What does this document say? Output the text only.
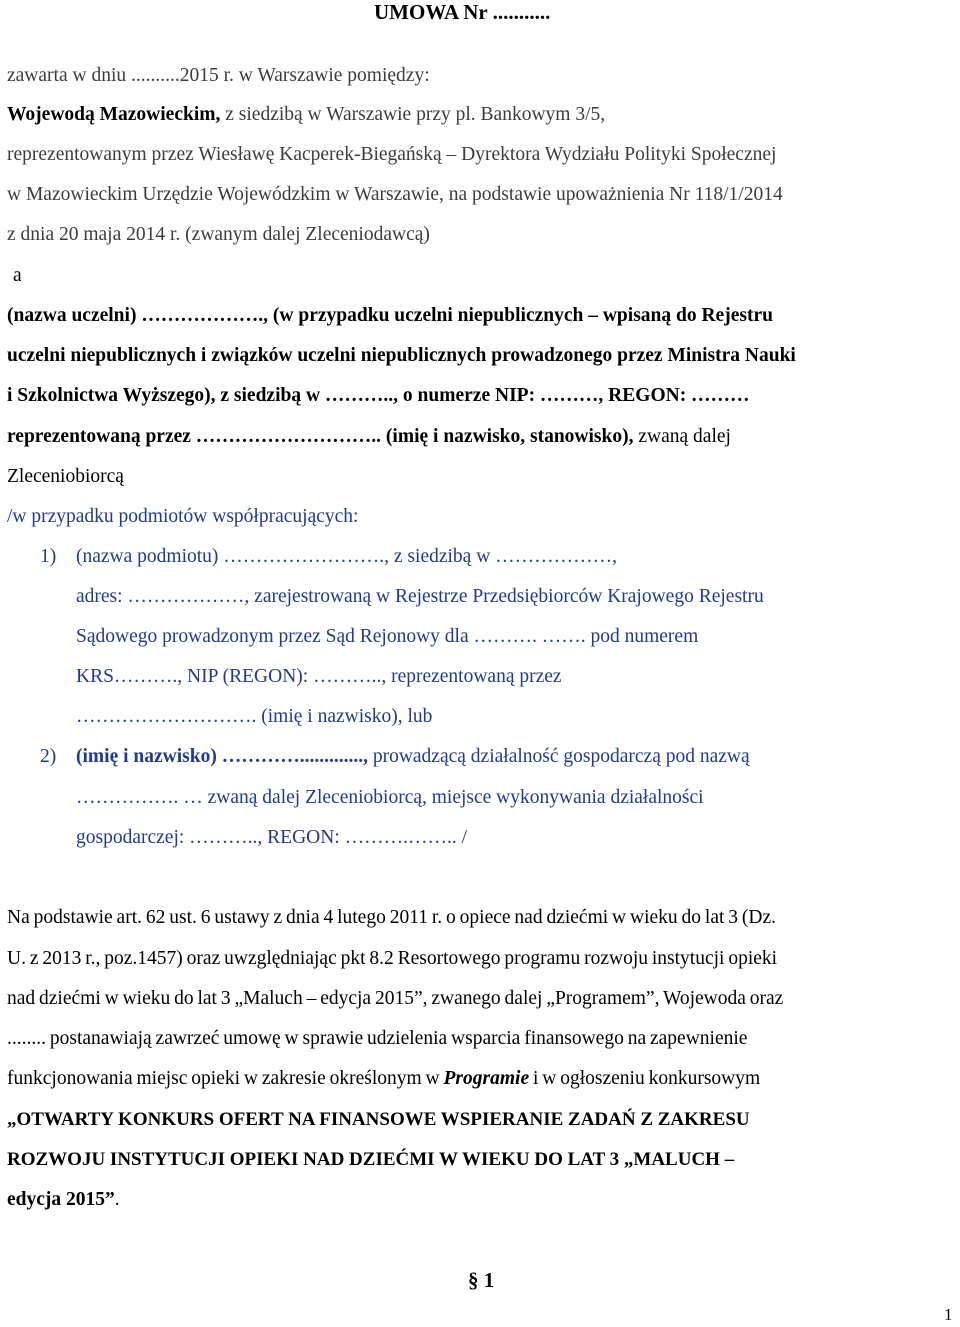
UMOWA Nr ...........
zawarta w dniu ..........2015 r. w Warszawie pomiędzy:
Wojewodą Mazowieckim, z siedzibą w Warszawie przy pl. Bankowym 3/5,
reprezentowanym przez Wiesławę Kacperek-Biegańską – Dyrektora Wydziału Polityki Społecznej
w Mazowieckim Urzędzie Wojewódzkim w Warszawie, na podstawie upoważnienia Nr 118/1/2014
z dnia 20 maja 2014 r. (zwanym dalej Zleceniodawcą)
a
(nazwa uczelni) ………………., (w przypadku uczelni niepublicznych – wpisaną do Rejestru
uczelni niepublicznych i związków uczelni niepublicznych prowadzonego przez Ministra Nauki
i Szkolnictwa Wyższego), z siedzibą w ……….., o numerze NIP: ………, REGON: ………
reprezentowaną przez ……………………….. (imię i nazwisko, stanowisko), zwaną dalej
Zleceniobiorcą
/w przypadku podmiotów współpracujących:
1) (nazwa podmiotu) ……………………., z siedzibą w ………………,
adres: ………………, zarejestrowaną w Rejestrze Przedsiębiorców Krajowego Rejestru
Sądowego prowadzonym przez Sąd Rejonowy dla ………. ……. pod numerem
KRS………., NIP (REGON): ……….., reprezentowaną przez
………………………. (imię i nazwisko), lub
2) (imię i nazwisko) …………............., prowadzącą działalność gospodarczą pod nazwą
……………. … zwaną dalej Zleceniobiorcą, miejsce wykonywania działalności
gospodarczej: ……….., REGON: ……….…….. /
Na podstawie art. 62 ust. 6 ustawy z dnia 4 lutego 2011 r. o opiece nad dziećmi w wieku do lat 3 (Dz.
U. z 2013 r., poz.1457) oraz uwzględniając pkt 8.2 Resortowego programu rozwoju instytucji opieki
nad dziećmi w wieku do lat 3 „Maluch – edycja 2015”, zwanego dalej „Programem”, Wojewoda oraz
........ postanawiają zawrzeć umowę w sprawie udzielenia wsparcia finansowego na zapewnienie
funkcjonowania miejsc opieki w zakresie określonym w Programie i w ogłoszeniu konkursowym
„OTWARTY KONKURS OFERT NA FINANSOWE WSPIERANIE ZADAŃ Z ZAKRESU
ROZWOJU INSTYTUCJI OPIEKI NAD DZIEĆMI W WIEKU DO LAT 3 „MALUCH –
edycja 2015”.
§ 1
1
